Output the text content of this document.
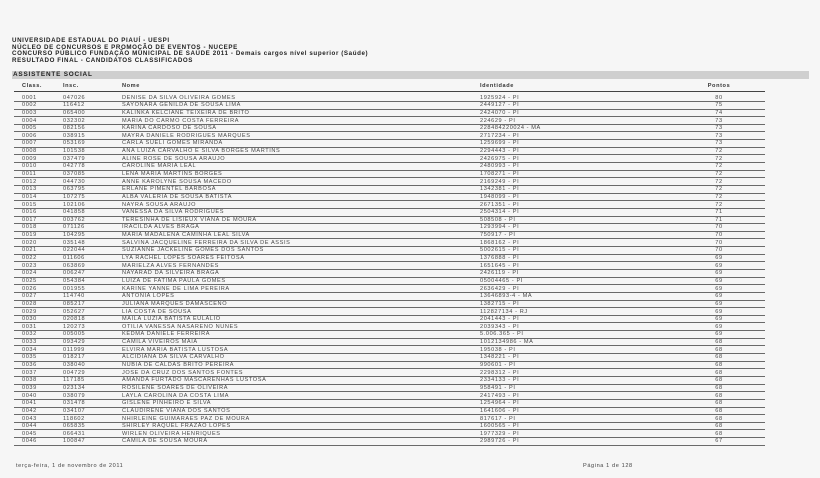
UNIVERSIDADE ESTADUAL DO PIAUÍ - UESPI
NÚCLEO DE CONCURSOS E PROMOÇÃO DE EVENTOS - NUCEPE
CONCURSO PÚBLICO FUNDAÇÃO MUNICIPAL DE SAÚDE 2011 - Demais cargos nível superior (Saúde)
RESULTADO FINAL - CANDIDATOS CLASSIFICADOS
ASSISTENTE SOCIAL
Class.	Insc.	Nome	Identidade	Pontos
0001	047026	DENISE DA SILVA OLIVEIRA GOMES	1925924 - PI	80
0002	116412	SAYONARA GENILDA DE SOUSA LIMA	2449127 - PI	75
0003	065400	KALINKA KELCIANE TEIXEIRA DE BRITO	2424070 - PI	74
0004	032302	MARIA DO CARMO COSTA FERREIRA	224629 - PI	73
0005	082156	KARINA CARDOSO DE SOUSA	228484220024 - MA	73
0006	038915	MAYRA DANIELE RODRIGUES MARQUES	2717234 - PI	73
0007	053169	CARLA SUELI GOMES MIRANDA	1259699 - PI	73
0008	101538	ANA LUIZA CARVALHO E SILVA BORGES MARTINS	2294443 - PI	72
0009	037479	ALINE ROSE DE SOUSA ARAUJO	2426975 - PI	72
0010	042778	CAROLINE MARIA LEAL	2480993 - PI	72
0011	037085	LENA MARIA MARTINS BORGES	1708271 - PI	72
0012	044730	ANNE KAROLYNE SOUSA MACEDO	2169249 - PI	72
0013	063795	ERLANE PIMENTEL BARBOSA	1342381 - PI	72
0014	107275	ALBA VALERIA DE SOUSA BATISTA	1948099 - PI	72
0015	102106	NAYRA SOUSA ARAUJO	2671351 - PI	72
0016	041858	VANESSA DA SILVA RODRIGUES	2504314 - PI	71
0017	003762	TERESINHA DE LISIEUX VIANA DE MOURA	508508 - PI	71
0018	071126	IRACILDA ALVES BRAGA	1293994 - PI	70
0019	104295	MARIA MADALENA CAMINHA LEAL SILVA	750917 - PI	70
0020	035148	SALVINA JACQUELINE FERREIRA DA SILVA DE ASSIS	1868162 - PI	70
0021	022044	SUZIANNE JACKELINE GOMES DOS SANTOS	5002615 - PI	70
0022	011606	LYA RACHEL LOPES SOARES FEITOSA	1376888 - PI	69
0023	063869	MARIELZA ALVES FERNANDES	1651645 - PI	69
0024	006247	NAYARAD DA SILVEIRA BRAGA	2426119 - PI	69
0025	054384	LUIZA DE FATIMA PAULA GOMES	05004465 - PI	69
0026	001955	KARINE YANNE DE LIMA PEREIRA	2636429 - PI	69
0027	114740	ANTONIA LOPES	13646893-4 - MA	69
0028	085217	JULIANA MARQUES DAMASCENO	1382715 - PI	69
0029	052627	LIA COSTA DE SOUSA	112827134 - RJ	69
0030	020818	MAILA LUZIA BATISTA EULALIO	2041443 - PI	69
0031	120273	OTILIA VANESSA NASARENO NUNES	2039343 - PI	69
0032	005005	KÉDMA DANIELE FERREIRA	5.006.365 - PI	69
0033	093429	CAMILA VIVEIROS MAIA	1012134986 - MA	68
0034	011999	ELVIRA MARIA BATISTA LUSTOSA	195038 - PI	68
0035	018217	ALCIDIANA DA SILVA CARVALHO	1348221 - PI	68
0036	038040	NUBIA DE CALDAS BRITO PEREIRA	990601 - PI	68
0037	004729	JOSE DA CRUZ DOS SANTOS FONTES	2298312 - PI	68
0038	117185	AMANDA FURTADO MASCARENHAS LUSTOSA	2334133 - PI	68
0039	023134	ROSILENE SOARES DE OLIVEIRA	958491 - PI	68
0040	038079	LAYLA CAROLINA DA COSTA LIMA	2417493 - PI	68
0041	031478	GISLENE PINHEIRO E SILVA	1254964 - PI	68
0042	034107	CLAUDIRENE VIANA DOS SANTOS	1641606 - PI	68
0043	118602	NHIRLEINE GUIMARAES PAZ DE MOURA	817617 - PI	68
0044	065835	SHIRLEY RAQUEL FRAZÃO LOPES	1600565 - PI	68
0045	066431	WIRLEN OLIVEIRA HENRIQUES	1977329 - PI	68
0046	100847	CAMILA DE SOUSA MOURA	2989726 - PI	67
terça-feira, 1 de novembro de 2011	Página 1 de 128
